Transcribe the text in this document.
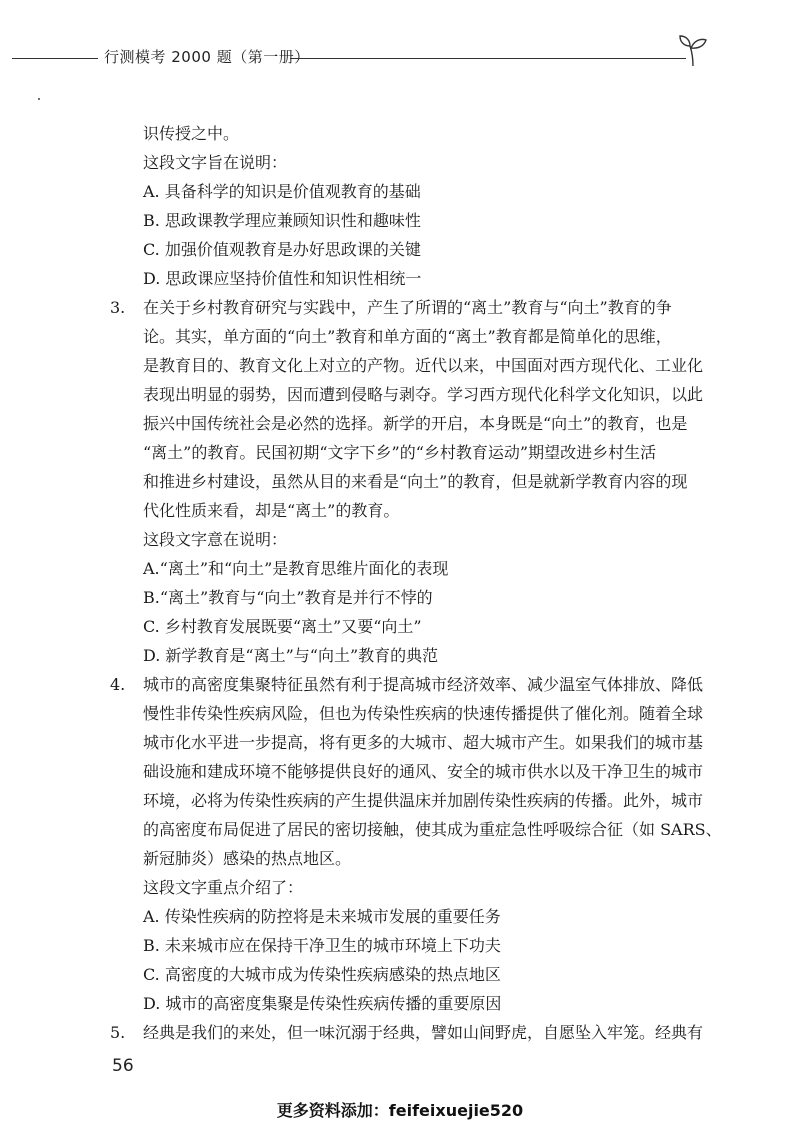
行测模考 2000 题（第一册）
识传授之中。
这段文字旨在说明：
A. 具备科学的知识是价值观教育的基础
B. 思政课教学理应兼顾知识性和趣味性
C. 加强价值观教育是办好思政课的关键
D. 思政课应坚持价值性和知识性相统一
3. 在关于乡村教育研究与实践中，产生了所谓的“离土”教育与“向土”教育的争
论。其实，单方面的“向土”教育和单方面的“离土”教育都是简单化的思维，
是教育目的、教育文化上对立的产物。近代以来，中国面对西方现代化、工业化
表现出明显的弱势，因而遭到侵略与剥夺。学习西方现代化科学文化知识，以此
振兴中国传统社会是必然的选择。新学的开启，本身既是“向土”的教育，也是
“离土”的教育。民国初期“文字下乡”的“乡村教育运动”期望改进乡村生活
和推进乡村建设，虽然从目的来看是“向土”的教育，但是就新学教育内容的现
代化性质来看，却是“离土”的教育。
这段文字意在说明：
A.“离土”和“向土”是教育思维片面化的表现
B.“离土”教育与“向土”教育是并行不悖的
C. 乡村教育发展既要“离土”又要“向土”
D. 新学教育是“离土”与“向土”教育的典范
4. 城市的高密度集聚特征虽然有利于提高城市经济效率、减少温室气体排放、降低
慢性非传染性疾病风险，但也为传染性疾病的快速传播提供了催化剂。随着全球
城市化水平进一步提高，将有更多的大城市、超大城市产生。如果我们的城市基
础设施和建成环境不能够提供良好的通风、安全的城市供水以及干净卫生的城市
环境，必将为传染性疾病的产生提供温床并加剧传染性疾病的传播。此外，城市
的高密度布局促进了居民的密切接触，使其成为重症急性呼吸综合征（如 SARS、
新冠肺炎）感染的热点地区。
这段文字重点介绍了：
A. 传染性疾病的防控将是未来城市发展的重要任务
B. 未来城市应在保持干净卫生的城市环境上下功夫
C. 高密度的大城市成为传染性疾病感染的热点地区
D. 城市的高密度集聚是传染性疾病传播的重要原因
5. 经典是我们的来处，但一味沉溺于经典，譬如山间野虎，自愿坠入牢笼。经典有
56
更多资料添加：feifeixuejie520
